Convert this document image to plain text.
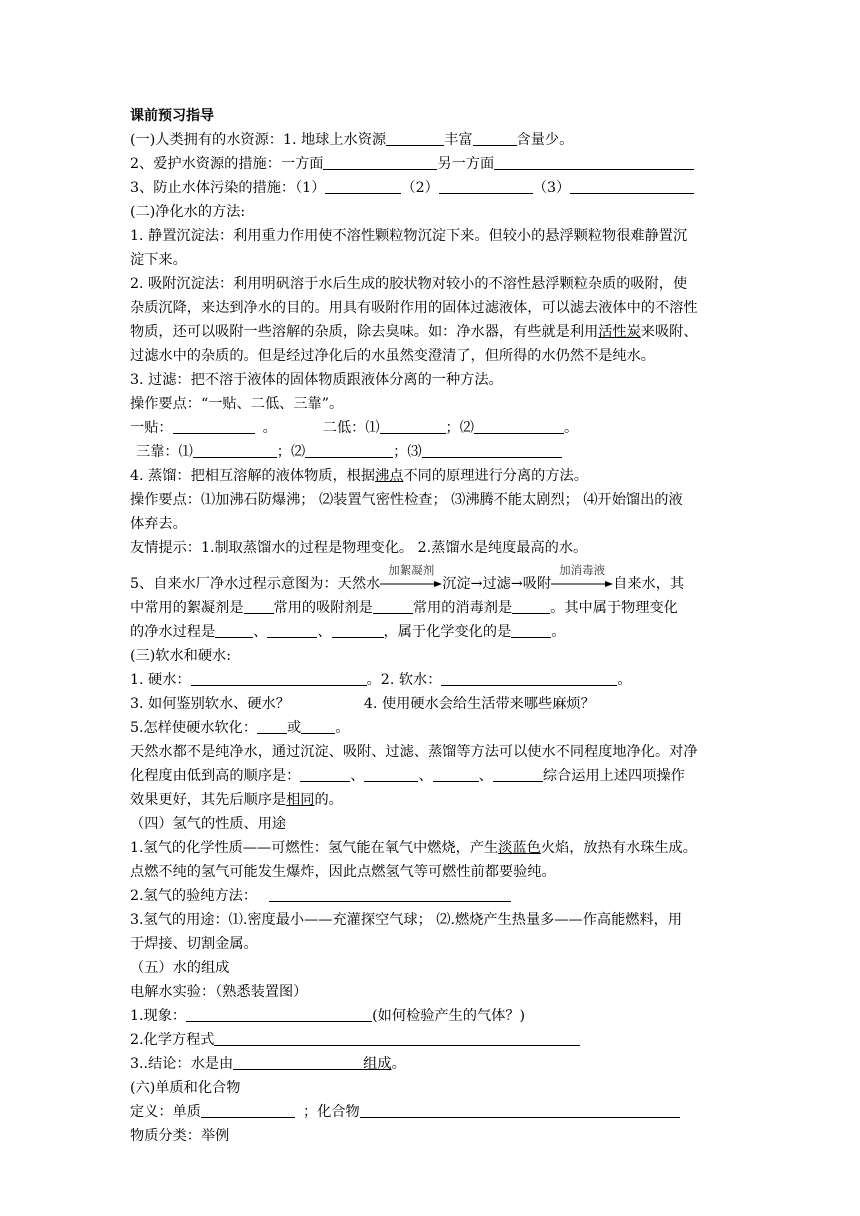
课前预习指导
(一)人类拥有的水资源：1. 地球上水资源	丰富	含量少。
2、爱护水资源的措施：一方面	另一方面
3、防止水体污染的措施：（1）	（2）	（3）
(二)净化水的方法:
1. 静置沉淀法：利用重力作用使不溶性颗粒物沉淀下来。但较小的悬浮颗粒物很难静置沉
淀下来。
2. 吸附沉淀法：利用明矾溶于水后生成的胶状物对较小的不溶性悬浮颗粒杂质的吸附，使
杂质沉降，来达到净水的目的。用具有吸附作用的固体过滤液体，可以滤去液体中的不溶性
物质，还可以吸附一些溶解的杂质，除去臭味。如：净水器，有些就是利用活性炭来吸附、
过滤水中的杂质的。但是经过净化后的水虽然变澄清了，但所得的水仍然不是纯水。
3. 过滤：把不溶于液体的固体物质跟液体分离的一种方法。
操作要点：“一贴、二低、三靠”。
一贴：	。	二低：⑴	；⑵	。
三靠：⑴	；⑵	；⑶
4. 蒸馏：把相互溶解的液体物质，根据沸点不同的原理进行分离的方法。
操作要点：⑴加沸石防爆沸； ⑵装置气密性检查； ⑶沸腾不能太剧烈； ⑷开始馏出的液
体弃去。
友情提示：1.制取蒸馏水的过程是物理变化。 2.蒸馏水是纯度最高的水。
5、自来水厂净水过程示意图为：天然水
加絮凝剂
沉淀→过滤→吸附
加消毒液
自来水，其
中常用的絮凝剂是 常用的吸附剂是	常用的消毒剂是	。其中属于物理变化
的净水过程是	、	、	，属于化学变化的是	。
(三)软水和硬水:
1. 硬水：	。2. 软水：	。
3. 如何鉴别软水、硬水？	4. 使用硬水会给生活带来哪些麻烦？
5.怎样使硬水软化： 或 。
天然水都不是纯净水，通过沉淀、吸附、过滤、蒸馏等方法可以使水不同程度地净化。对净
化程度由低到高的顺序是：	、	、	、	综合运用上述四项操作
效果更好，其先后顺序是相同的。
（四）氢气的性质、用途
1.氢气的化学性质——可燃性：氢气能在氧气中燃烧，产生淡蓝色火焰，放热有水珠生成。
点燃不纯的氢气可能发生爆炸，因此点燃氢气等可燃性前都要验纯。
2.氢气的验纯方法：
3.氢气的用途：⑴.密度最小——充灌探空气球； ⑵.燃烧产生热量多——作高能燃料，用
于焊接、切割金属。
（五）水的组成
电解水实验：（熟悉装置图）
1.现象：	(如何检验产生的气体？)
2.化学方程式
3..结论：水是由	组成。
(六)单质和化合物
定义：单质	；化合物
物质分类：举例
